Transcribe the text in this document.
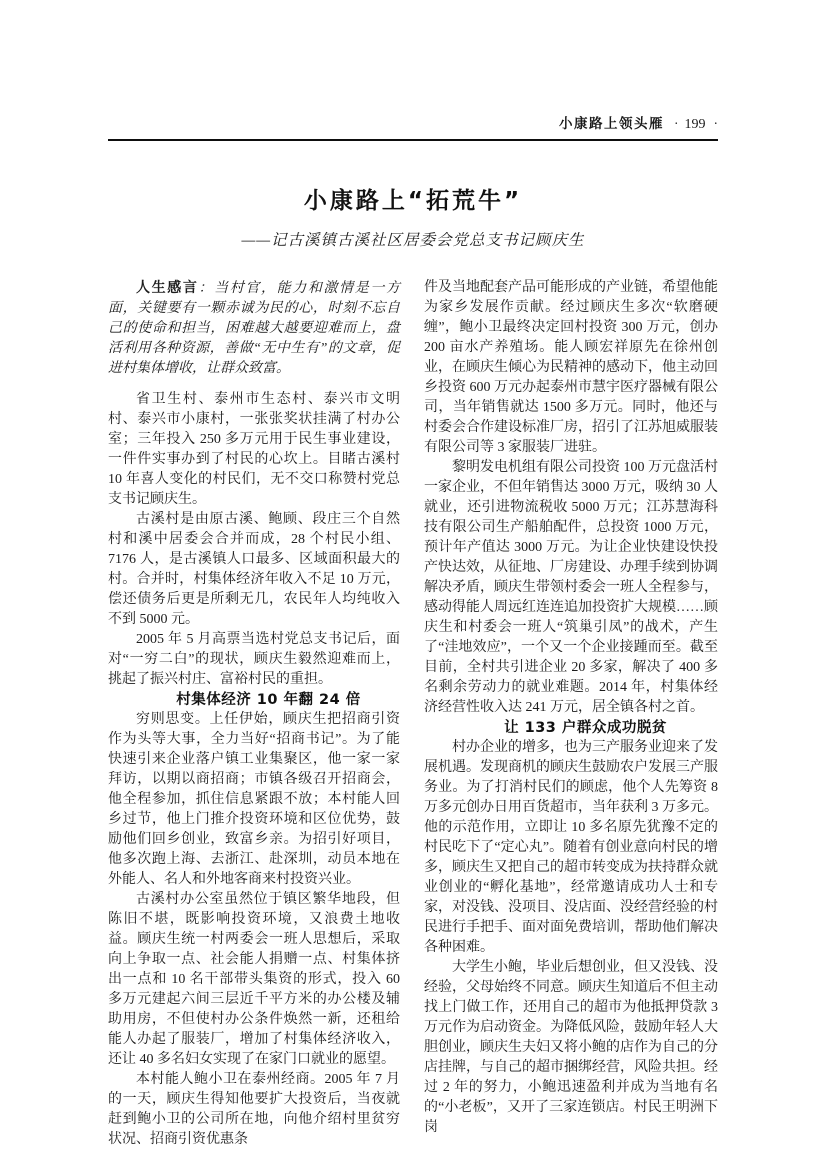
小康路上领头雁 · 199 ·
小康路上“拓荒牛”
——记古溪镇古溪社区居委会党总支书记顾庆生

人生感言：当村官，能力和激情是一方面，关键要有一颗赤诚为民的心，时刻不忘自己的使命和担当，困难越大越要迎难而上，盘活利用各种资源，善做“无中生有”的文章，促进村集体增收，让群众致富。

省卫生村、泰州市生态村、泰兴市文明村、泰兴市小康村，一张张奖状挂满了村办公室；三年投入 250 多万元用于民生事业建设，一件件实事办到了村民的心坎上。目睹古溪村 10 年喜人变化的村民们，无不交口称赞村党总支书记顾庆生。

古溪村是由原古溪、鲍顾、段庄三个自然村和溪中居委会合并而成，28 个村民小组、7176 人，是古溪镇人口最多、区域面积最大的村。合并时，村集体经济年收入不足 10 万元，偿还债务后更是所剩无几，农民年人均纯收入不到 5000 元。

2005 年 5 月高票当选村党总支书记后，面对“一穷二白”的现状，顾庆生毅然迎难而上，挑起了振兴村庄、富裕村民的重担。

村集体经济 10 年翻 24 倍

穷则思变。上任伊始，顾庆生把招商引资作为头等大事，全力当好“招商书记”。为了能快速引来企业落户镇工业集聚区，他一家一家拜访，以期以商招商；市镇各级召开招商会，他全程参加，抓住信息紧跟不放；本村能人回乡过节，他上门推介投资环境和区位优势，鼓励他们回乡创业，致富乡亲。为招引好项目，他多次跑上海、去浙江、赴深圳，动员本地在外能人、名人和外地客商来村投资兴业。

古溪村办公室虽然位于镇区繁华地段，但陈旧不堪，既影响投资环境，又浪费土地收益。顾庆生统一村两委会一班人思想后，采取向上争取一点、社会能人捐赠一点、村集体挤出一点和 10 名干部带头集资的形式，投入 60 多万元建起六间三层近千平方米的办公楼及辅助用房，不但使村办公条件焕然一新，还租给能人办起了服装厂，增加了村集体经济收入，还让 40 多名妇女实现了在家门口就业的愿望。

本村能人鲍小卫在泰州经商。2005 年 7 月的一天，顾庆生得知他要扩大投资后，当夜就赶到鲍小卫的公司所在地，向他介绍村里贫穷状况、招商引资优惠条

件及当地配套产品可能形成的产业链，希望他能为家乡发展作贡献。经过顾庆生多次“软磨硬缠”，鲍小卫最终决定回村投资 300 万元，创办 200 亩水产养殖场。能人顾宏祥原先在徐州创业，在顾庆生倾心为民精神的感动下，他主动回乡投资 600 万元办起泰州市慧宇医疗器械有限公司，当年销售就达 1500 多万元。同时，他还与村委会合作建设标准厂房，招引了江苏旭威服装有限公司等 3 家服装厂进驻。

黎明发电机组有限公司投资 100 万元盘活村一家企业，不但年销售达 3000 万元，吸纳 30 人就业，还引进物流税收 5000 万元；江苏慧海科技有限公司生产船舶配件，总投资 1000 万元，预计年产值达 3000 万元。为让企业快建设快投产快达效，从征地、厂房建设、办理手续到协调解决矛盾，顾庆生带领村委会一班人全程参与，感动得能人周远红连连追加投资扩大规模……顾庆生和村委会一班人“筑巢引凤”的战术，产生了“洼地效应”，一个又一个企业接踵而至。截至目前，全村共引进企业 20 多家，解决了 400 多名剩余劳动力的就业难题。2014 年，村集体经济经营性收入达 241 万元，居全镇各村之首。

让 133 户群众成功脱贫

村办企业的增多，也为三产服务业迎来了发展机遇。发现商机的顾庆生鼓励农户发展三产服务业。为了打消村民们的顾虑，他个人先筹资 8 万多元创办日用百货超市，当年获利 3 万多元。他的示范作用，立即让 10 多名原先犹豫不定的村民吃下了“定心丸”。随着有创业意向村民的增多，顾庆生又把自己的超市转变成为扶持群众就业创业的“孵化基地”，经常邀请成功人士和专家，对没钱、没项目、没店面、没经营经验的村民进行手把手、面对面免费培训，帮助他们解决各种困难。

大学生小鲍，毕业后想创业，但又没钱、没经验，父母始终不同意。顾庆生知道后不但主动找上门做工作，还用自己的超市为他抵押贷款 3 万元作为启动资金。为降低风险，鼓励年轻人大胆创业，顾庆生夫妇又将小鲍的店作为自己的分店挂牌，与自己的超市捆绑经营，风险共担。经过 2 年的努力，小鲍迅速盈利并成为当地有名的“小老板”，又开了三家连锁店。村民王明洲下岗
